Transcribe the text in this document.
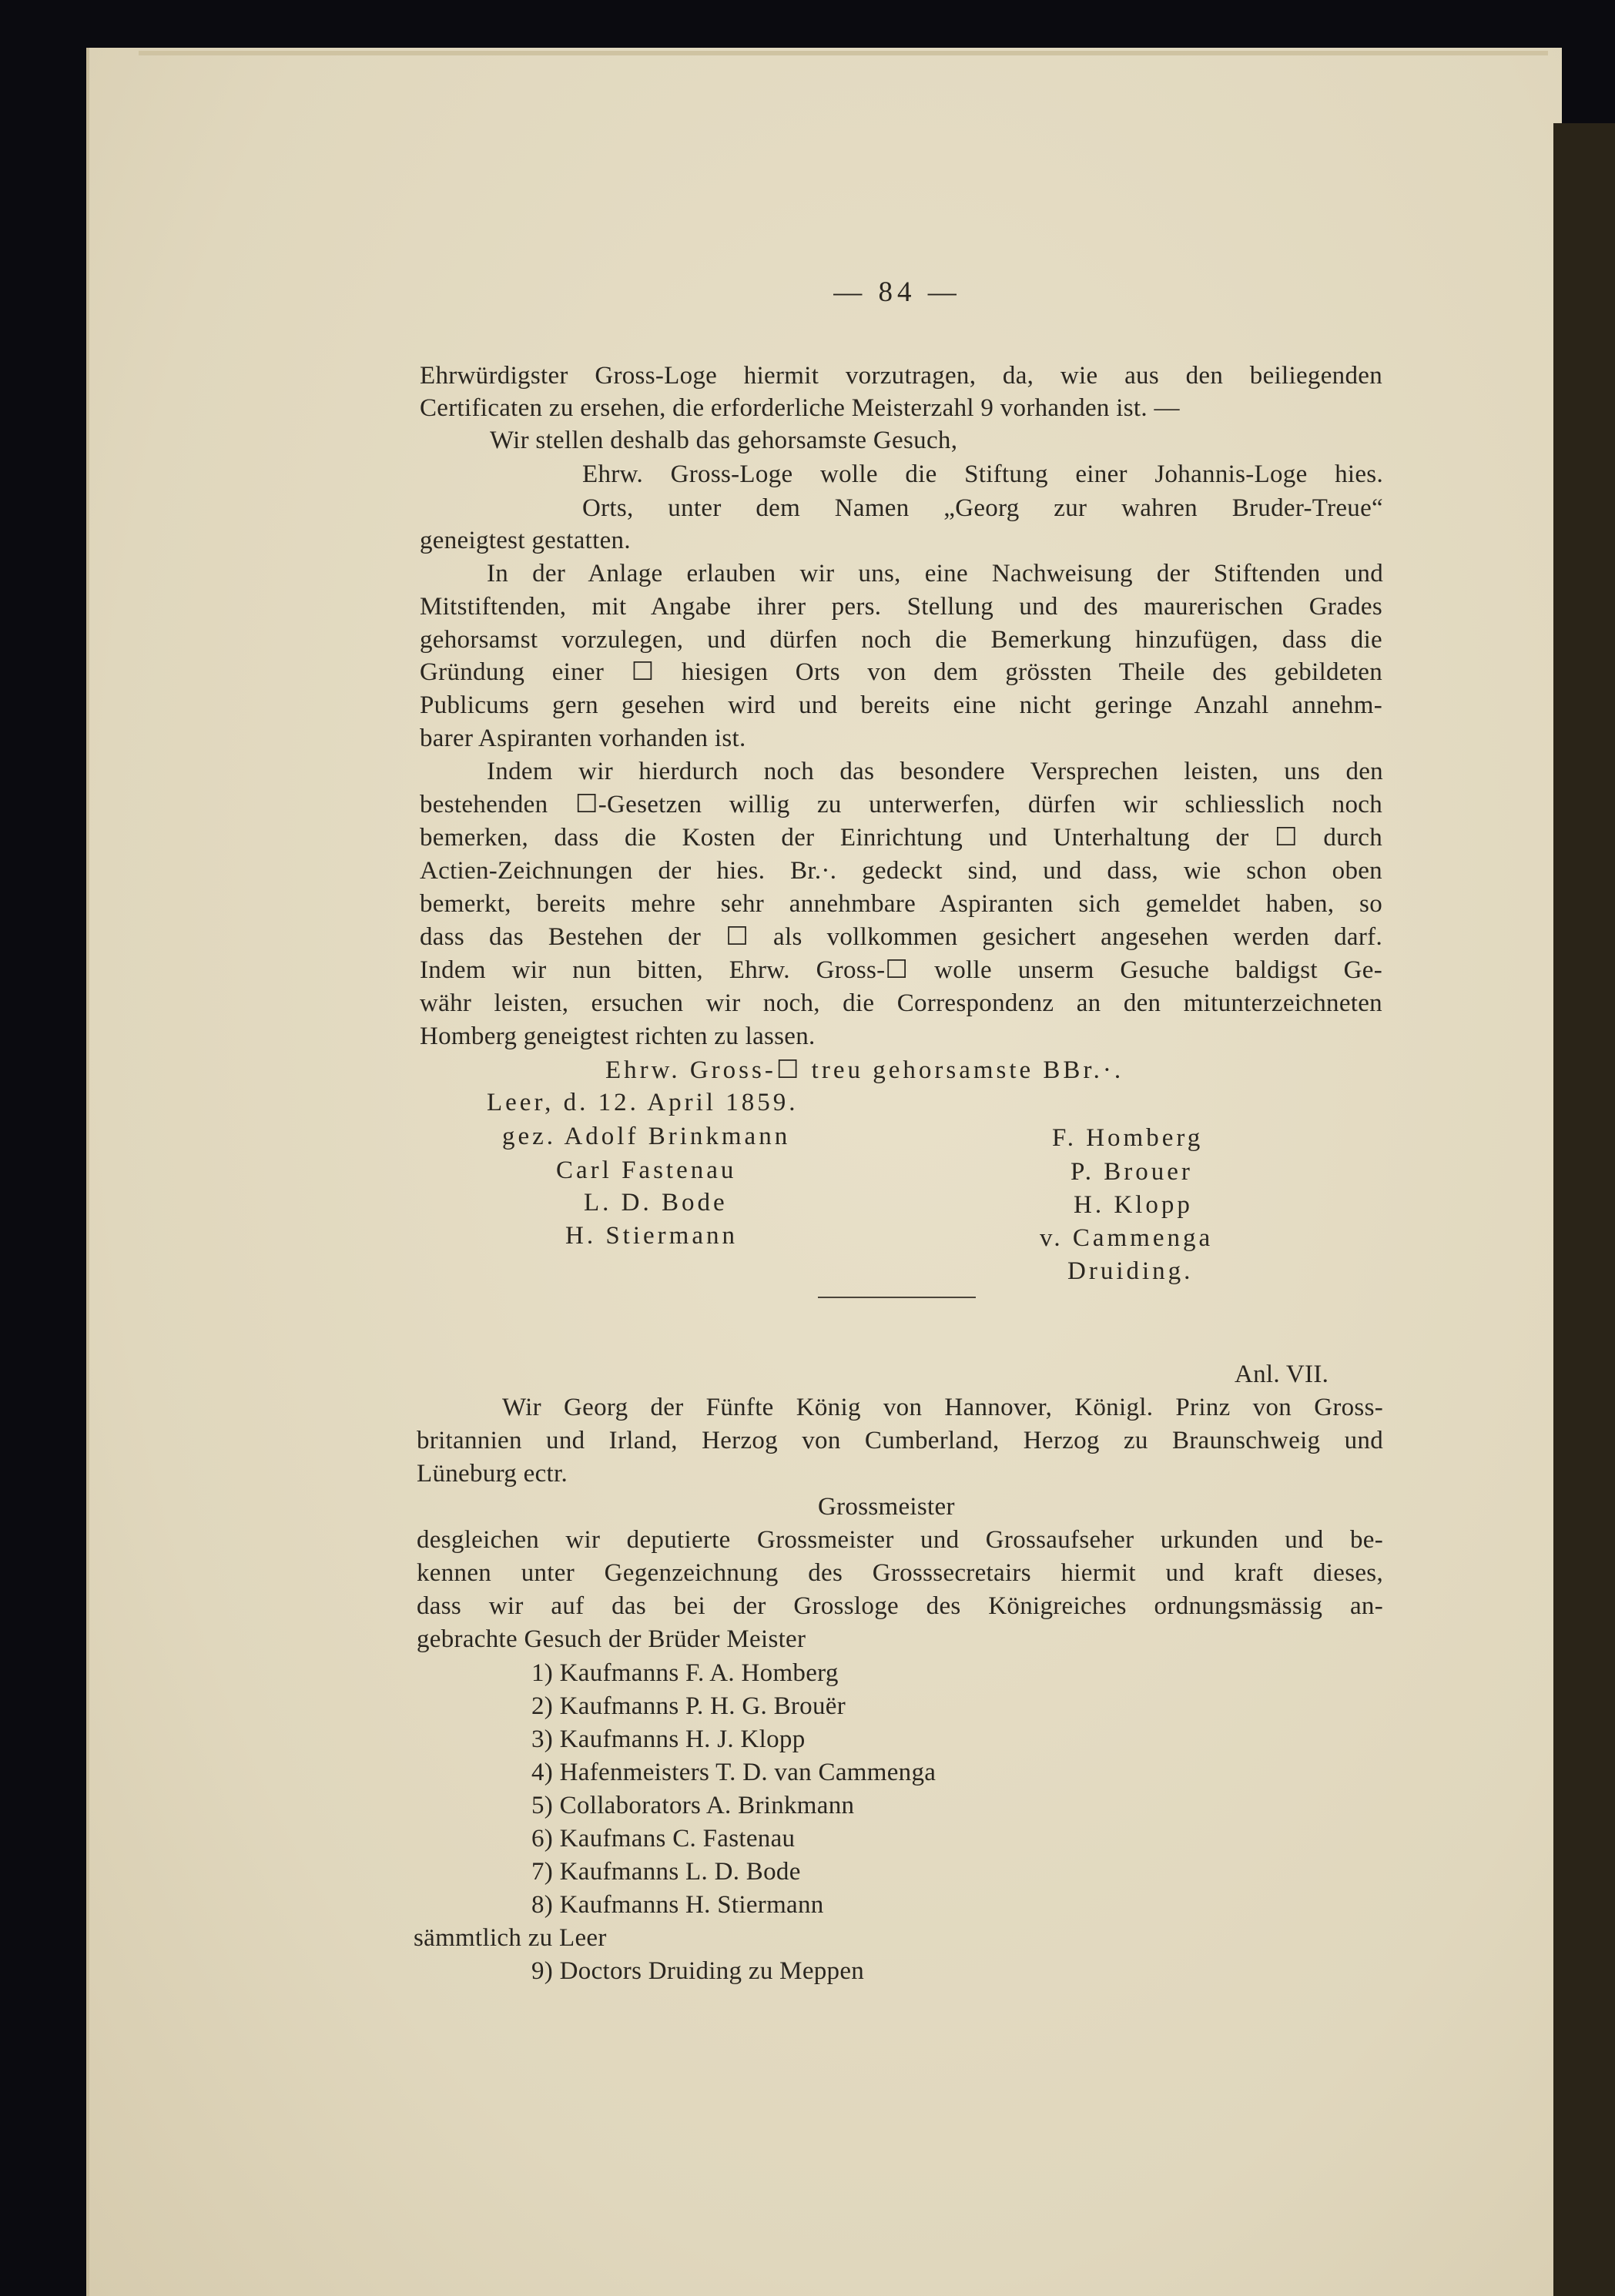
— 84 —
Ehrwürdigster Gross-Loge hiermit vorzutragen, da, wie aus den beiliegenden
Certificaten zu ersehen, die erforderliche Meisterzahl 9 vorhanden ist. —
Wir stellen deshalb das gehorsamste Gesuch,
Ehrw. Gross-Loge wolle die Stiftung einer Johannis-Loge hies.
Orts, unter dem Namen „Georg zur wahren Bruder-Treue“
geneigtest gestatten.
In der Anlage erlauben wir uns, eine Nachweisung der Stiftenden und
Mitstiftenden, mit Angabe ihrer pers. Stellung und des maurerischen Grades
gehorsamst vorzulegen, und dürfen noch die Bemerkung hinzufügen, dass die
Gründung einer ☐ hiesigen Orts von dem grössten Theile des gebildeten
Publicums gern gesehen wird und bereits eine nicht geringe Anzahl annehm-
barer Aspiranten vorhanden ist.
Indem wir hierdurch noch das besondere Versprechen leisten, uns den
bestehenden ☐-Gesetzen willig zu unterwerfen, dürfen wir schliesslich noch
bemerken, dass die Kosten der Einrichtung und Unterhaltung der ☐ durch
Actien-Zeichnungen der hies. Br.·. gedeckt sind, und dass, wie schon oben
bemerkt, bereits mehre sehr annehmbare Aspiranten sich gemeldet haben, so
dass das Bestehen der ☐ als vollkommen gesichert angesehen werden darf.
Indem wir nun bitten, Ehrw. Gross-☐ wolle unserm Gesuche baldigst Ge-
währ leisten, ersuchen wir noch, die Correspondenz an den mitunterzeichneten
Homberg geneigtest richten zu lassen.
Ehrw. Gross-☐ treu gehorsamste BBr.·.
Leer, d. 12. April 1859.
gez. Adolf Brinkmann
Carl Fastenau
L. D. Bode
H. Stiermann
F. Homberg
P. Brouer
H. Klopp
v. Cammenga
Druiding.
Anl. VII.
Wir Georg der Fünfte König von Hannover, Königl. Prinz von Gross-
britannien und Irland, Herzog von Cumberland, Herzog zu Braunschweig und
Lüneburg ectr.
Grossmeister
desgleichen wir deputierte Grossmeister und Grossaufseher urkunden und be-
kennen unter Gegenzeichnung des Grosssecretairs hiermit und kraft dieses,
dass wir auf das bei der Grossloge des Königreiches ordnungsmässig an-
gebrachte Gesuch der Brüder Meister
1) Kaufmanns F. A. Homberg
2) Kaufmanns P. H. G. Brouër
3) Kaufmanns H. J. Klopp
4) Hafenmeisters T. D. van Cammenga
5) Collaborators A. Brinkmann
6) Kaufmans C. Fastenau
7) Kaufmanns L. D. Bode
8) Kaufmanns H. Stiermann
sämmtlich zu Leer
9) Doctors Druiding zu Meppen
